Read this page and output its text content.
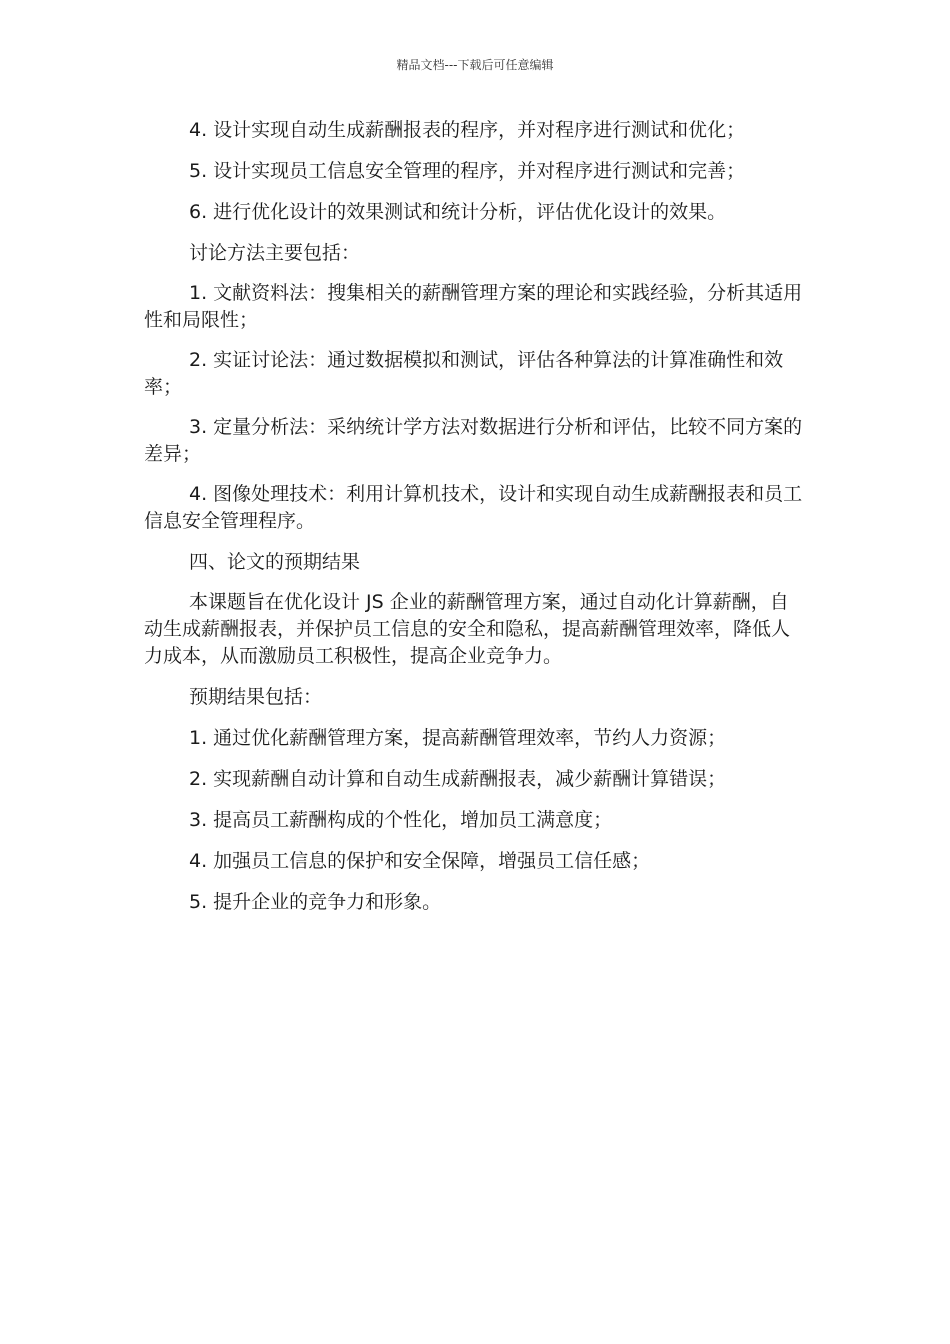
精品文档---下载后可任意编辑

4. 设计实现自动生成薪酬报表的程序，并对程序进行测试和优化；

5. 设计实现员工信息安全管理的程序，并对程序进行测试和完善；

6. 进行优化设计的效果测试和统计分析，评估优化设计的效果。

讨论方法主要包括：

1. 文献资料法：搜集相关的薪酬管理方案的理论和实践经验，分析其适用性和局限性；

2. 实证讨论法：通过数据模拟和测试，评估各种算法的计算准确性和效率；

3. 定量分析法：采纳统计学方法对数据进行分析和评估，比较不同方案的差异；

4. 图像处理技术：利用计算机技术，设计和实现自动生成薪酬报表和员工信息安全管理程序。

四、论文的预期结果

本课题旨在优化设计 JS 企业的薪酬管理方案，通过自动化计算薪酬，自动生成薪酬报表，并保护员工信息的安全和隐私，提高薪酬管理效率，降低人力成本，从而激励员工积极性，提高企业竞争力。

预期结果包括：

1. 通过优化薪酬管理方案，提高薪酬管理效率，节约人力资源；

2. 实现薪酬自动计算和自动生成薪酬报表，减少薪酬计算错误；

3. 提高员工薪酬构成的个性化，增加员工满意度；

4. 加强员工信息的保护和安全保障，增强员工信任感；

5. 提升企业的竞争力和形象。
